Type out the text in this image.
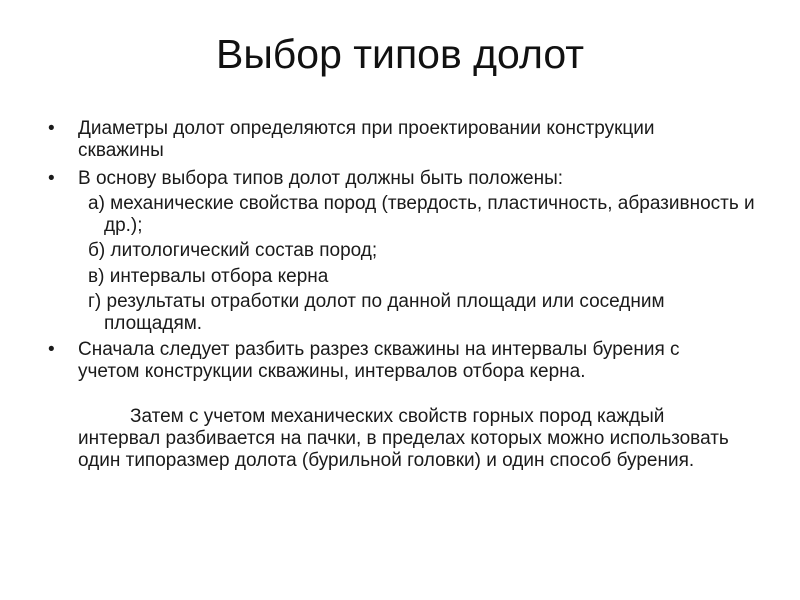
Выбор типов долот
• Диаметры долот определяются при проектировании конструкции скважины
• В основу выбора типов долот должны быть положены:
а) механические свойства пород (твердость, пластичность, абразивность и др.);
б) литологический состав пород;
в) интервалы отбора керна
г) результаты отработки долот по данной площади или соседним площадям.
• Сначала следует разбить разрез скважины на интервалы бурения с учетом конструкции скважины, интервалов отбора керна.
Затем с учетом механических свойств горных пород каждый интервал разбивается на пачки, в пределах которых можно использовать один типоразмер долота (бурильной головки) и один способ бурения.
